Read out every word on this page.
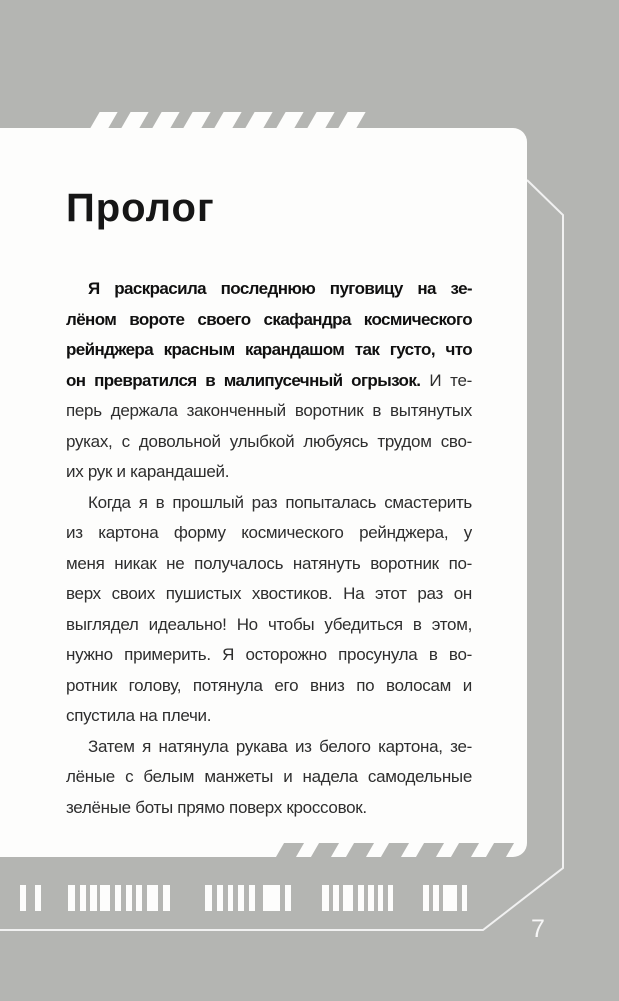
Пролог
Я раскрасила последнюю пуговицу на зе-
лёном вороте своего скафандра космического
рейнджера красным карандашом так густо, что
он превратился в малипусечный огрызок. И те-
перь держала законченный воротник в вытянутых
руках, с довольной улыбкой любуясь трудом сво-
их рук и карандашей.
Когда я в прошлый раз попыталась смастерить
из картона форму космического рейнджера, у
меня никак не получалось натянуть воротник по-
верх своих пушистых хвостиков. На этот раз он
выглядел идеально! Но чтобы убедиться в этом,
нужно примерить. Я осторожно просунула в во-
ротник голову, потянула его вниз по волосам и
спустила на плечи.
Затем я натянула рукава из белого картона, зе-
лёные с белым манжеты и надела самодельные
зелёные боты прямо поверх кроссовок.
7
